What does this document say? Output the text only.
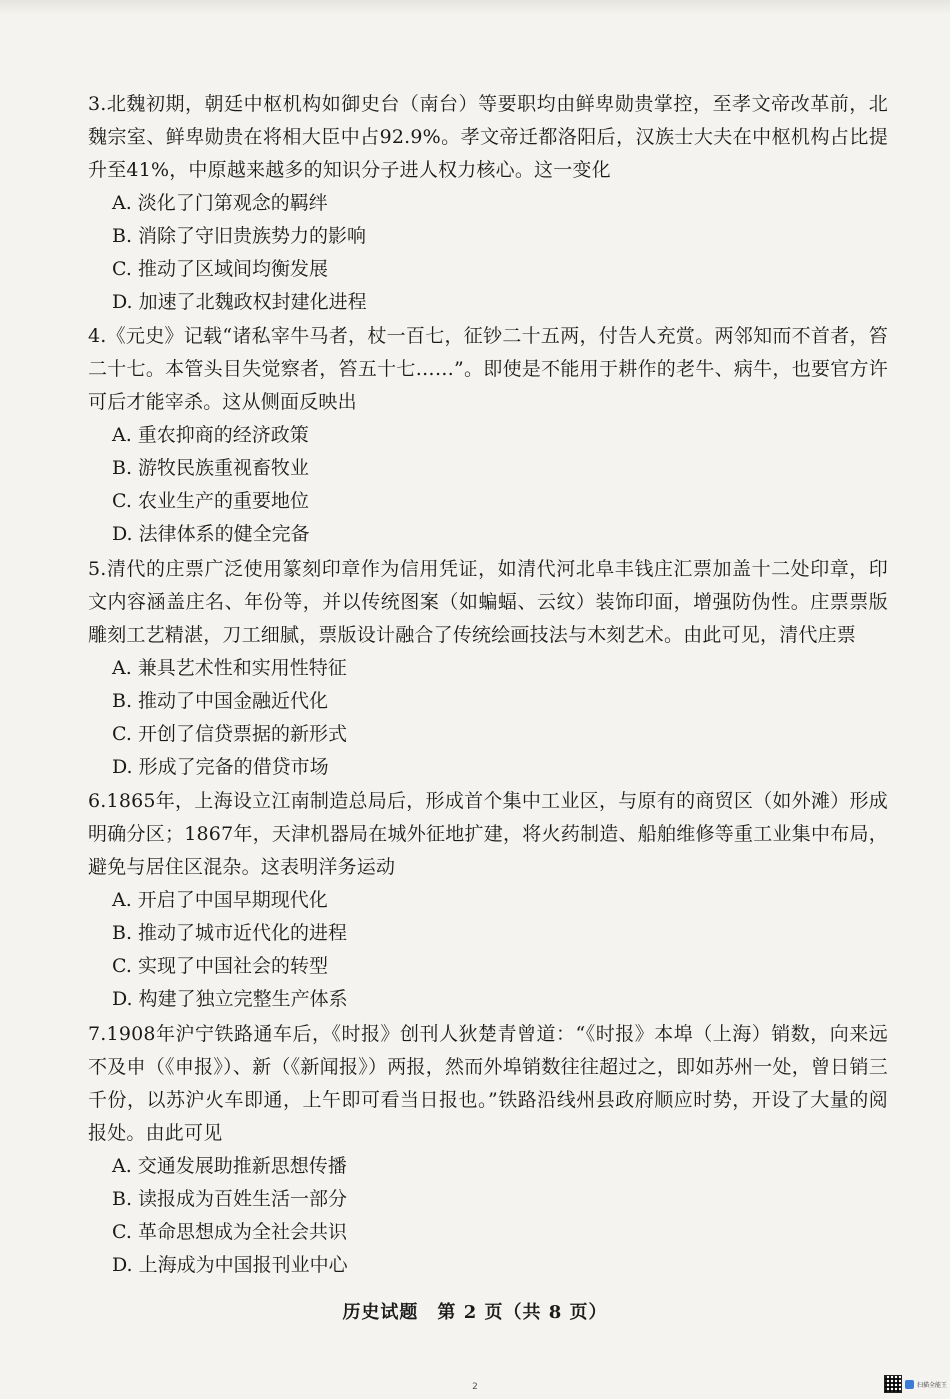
3.北魏初期，朝廷中枢机构如御史台（南台）等要职均由鲜卑勋贵掌控，至孝文帝改革前，北魏宗室、鲜卑勋贵在将相大臣中占92.9%。孝文帝迁都洛阳后，汉族士大夫在中枢机构占比提升至41%，中原越来越多的知识分子进人权力核心。这一变化
A. 淡化了门第观念的羁绊
B. 消除了守旧贵族势力的影响
C. 推动了区域间均衡发展
D. 加速了北魏政权封建化进程
4.《元史》记载“诸私宰牛马者，杖一百七，征钞二十五两，付告人充赏。两邻知而不首者，笞二十七。本管头目失觉察者，笞五十七……”。即使是不能用于耕作的老牛、病牛，也要官方许可后才能宰杀。这从侧面反映出
A. 重农抑商的经济政策
B. 游牧民族重视畜牧业
C. 农业生产的重要地位
D. 法律体系的健全完备
5.清代的庄票广泛使用篆刻印章作为信用凭证，如清代河北阜丰钱庄汇票加盖十二处印章，印文内容涵盖庄名、年份等，并以传统图案（如蝙蝠、云纹）装饰印面，增强防伪性。庄票票版雕刻工艺精湛，刀工细腻，票版设计融合了传统绘画技法与木刻艺术。由此可见，清代庄票
A. 兼具艺术性和实用性特征
B. 推动了中国金融近代化
C. 开创了信贷票据的新形式
D. 形成了完备的借贷市场
6.1865年，上海设立江南制造总局后，形成首个集中工业区，与原有的商贸区（如外滩）形成明确分区；1867年，天津机器局在城外征地扩建，将火药制造、船舶维修等重工业集中布局，避免与居住区混杂。这表明洋务运动
A. 开启了中国早期现代化
B. 推动了城市近代化的进程
C. 实现了中国社会的转型
D. 构建了独立完整生产体系
7.1908年沪宁铁路通车后，《时报》创刊人狄楚青曾道：“《时报》本埠（上海）销数，向来远不及申（《申报》）、新（《新闻报》）两报，然而外埠销数往往超过之，即如苏州一处，曾日销三千份，以苏沪火车即通，上午即可看当日报也。”铁路沿线州县政府顺应时势，开设了大量的阅报处。由此可见
A. 交通发展助推新思想传播
B. 读报成为百姓生活一部分
C. 革命思想成为全社会共识
D. 上海成为中国报刊业中心
历史试题　第 2 页（共 8 页）
2	扫描全能王
